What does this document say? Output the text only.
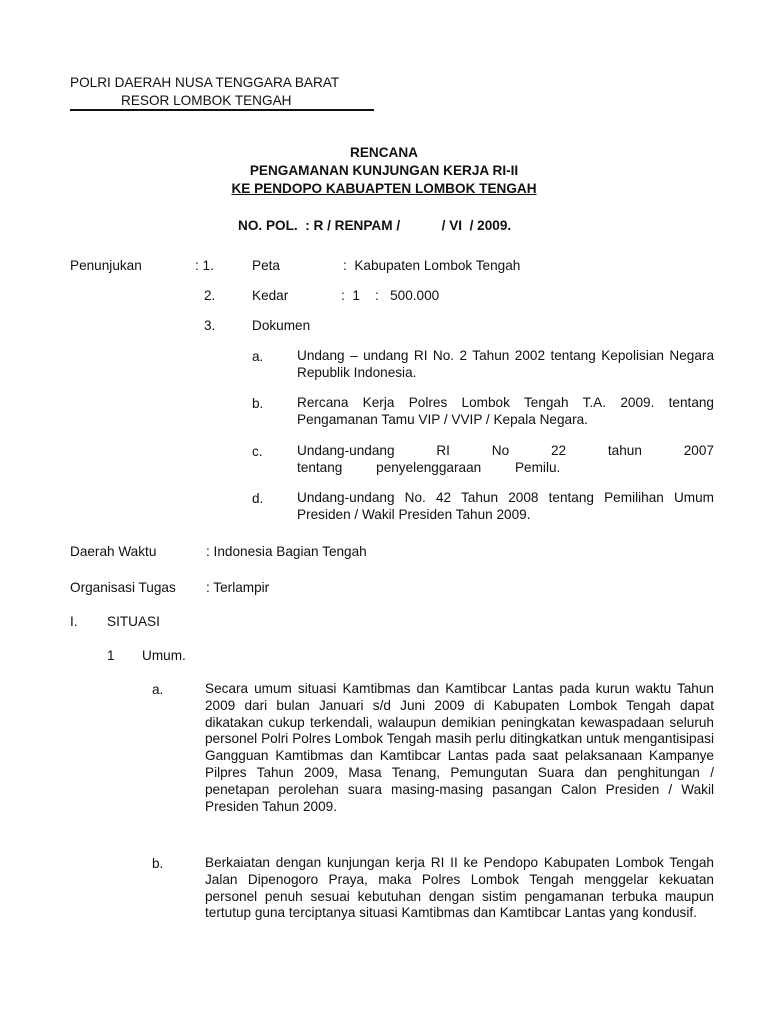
POLRI DAERAH NUSA TENGGARA BARAT
RESOR LOMBOK TENGAH
RENCANA
PENGAMANAN KUNJUNGAN KERJA RI-II
KE PENDOPO KABUAPTEN LOMBOK TENGAH
NO. POL.  : R / RENPAM /           / VI  / 2009.
Penunjukan	: 1.	Peta	:  Kabupaten Lombok Tengah
2.	Kedar	:  1    :   500.000
3.	Dokumen
a. Undang – undang RI No. 2 Tahun 2002 tentang Kepolisian Negara Republik Indonesia.
b. Rercana Kerja Polres Lombok Tengah T.A. 2009. tentang Pengamanan Tamu VIP / VVIP / Kepala Negara.
c.	Undang-undang RI No 22 tahun 2007 tentang penyelenggaraan Pemilu.
d. Undang-undang No. 42 Tahun 2008 tentang Pemilihan Umum Presiden / Wakil Presiden Tahun 2009.
Daerah Waktu	: Indonesia Bagian Tengah
Organisasi Tugas : Terlampir
I. SITUASI
1 Umum.
a.	Secara umum situasi Kamtibmas dan Kamtibcar Lantas pada kurun waktu Tahun 2009 dari bulan Januari s/d Juni 2009 di Kabupaten Lombok Tengah dapat dikatakan cukup terkendali, walaupun demikian peningkatan kewaspadaan seluruh personel Polri Polres Lombok Tengah masih perlu ditingkatkan untuk mengantisipasi Gangguan Kamtibmas dan Kamtibcar Lantas pada saat pelaksanaan Kampanye Pilpres Tahun 2009, Masa Tenang, Pemungutan Suara dan penghitungan / penetapan perolehan suara masing-masing pasangan Calon Presiden / Wakil Presiden Tahun 2009.
b.	Berkaiatan dengan kunjungan kerja RI II ke Pendopo Kabupaten Lombok Tengah Jalan Dipenogoro Praya, maka Polres Lombok Tengah menggelar kekuatan personel penuh sesuai kebutuhan dengan sistim pengamanan terbuka maupun tertutup guna terciptanya situasi Kamtibmas dan Kamtibcar Lantas yang kondusif.
